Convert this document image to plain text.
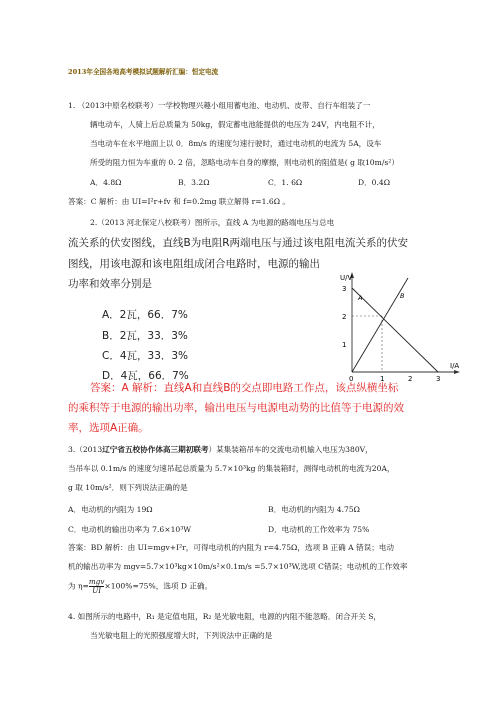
2013年全国各地高考模拟试题解析汇编：恒定电流
1. （2013中原名校联考）一学校物理兴趣小组用蓄电池、电动机、皮带、自行车组装了一
辆电动车，人骑上后总质量为 50kg，假定蓄电池能提供的电压为 24V，内电阻不计，
当电动车在水平地面上以 0．8m/s 的速度匀速行驶时，通过电动机的电流为 5A，设车
所受的阻力恒为车重的 0. 2 倍，忽略电动车自身的摩擦，则电动机的阻值是( g 取10m/s²）
A．4.8Ω	B．3.2Ω	C．1. 6Ω	D．0.4Ω
答案：C 解析：由 UI=I²r+fv 和 f=0.2mg 联立解得 r=1.6Ω 。
2.（2013 河北保定八校联考）图所示，直线 A 为电源的路端电压与总电
流关系的伏安图线，直线B为电阻R两端电压与通过该电阻电流关系的伏安
图线，用该电源和该电阻组成闭合电路时，电源的输出
功率和效率分别是
A．2瓦，66．7%
B．2瓦，33．3%
C．4瓦，33．3%
D．4瓦，66．7%
3
2
1
0	1	2	3
U/V
I/A
A	B
答案：A 解析：直线A和直线B的交点即电路工作点，该点纵横坐标
的乘积等于电源的输出功率，输出电压与电源电动势的比值等于电源的效
率，选项A正确。
3.（2013辽宁省五校协作体高三期初联考）某集装箱吊车的交流电动机输入电压为380V，
当吊车以 0.1m/s 的速度匀速吊起总质量为 5.7×10³kg 的集装箱时，测得电动机的电流为20A，
g 取 10m/s²．则下列说法正确的是
A．电动机的内阻为 19Ω	B．电动机的内阻为 4.75Ω
C．电动机的输出功率为 7.6×10³W	D．电动机的工作效率为 75%
答案：BD 解析：由 UI=mgv+I²r，可得电动机的内阻为 r=4.75Ω，选项 B 正确 A 错误；电动
机的输出功率为 mgv=5.7×10³kg×10m/s²×0.1m/s =5.7×10³W,选项 C错误；电动机的工作效率
为 $\eta= \frac{\text{mgv}}{UI} \times 100\%=75\%$，选项 D 正确。
4. 如图所示的电路中，R₁ 是定值电阻，R₂ 是光敏电阻，电源的内阻不能忽略．闭合开关 S，
当光敏电阻上的光照强度增大时，下列说法中正确的是
